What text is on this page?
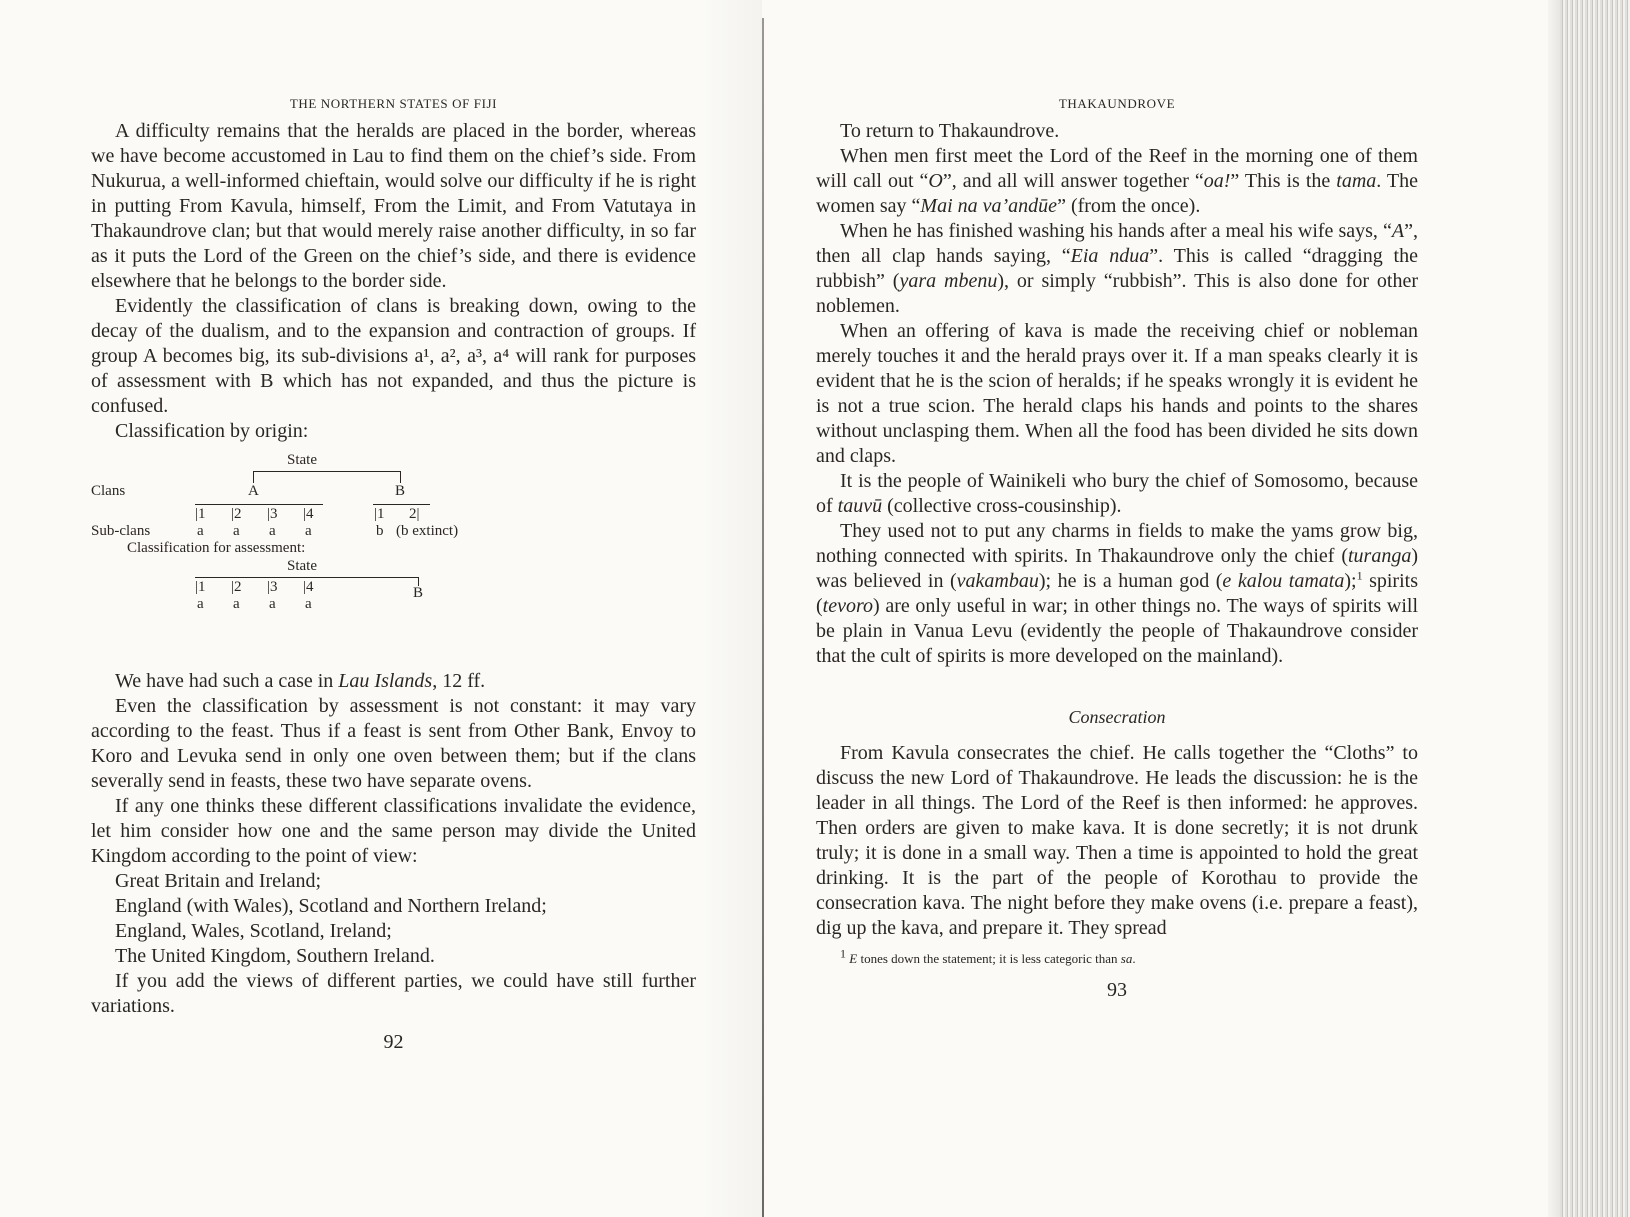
THE NORTHERN STATES OF FIJI

A difficulty remains that the heralds are placed in the border, whereas we have become accustomed in Lau to find them on the chief’s side. From Nukurua, a well-informed chieftain, would solve our difficulty if he is right in putting From Kavula, himself, From the Limit, and From Vatutaya in Thakaundrove clan; but that would merely raise another difficulty, in so far as it puts the Lord of the Green on the chief’s side, and there is evidence elsewhere that he belongs to the border side.

Evidently the classification of clans is breaking down, owing to the decay of the dualism, and to the expansion and contraction of groups. If group A becomes big, its sub-divisions a¹, a², a³, a⁴ will rank for purposes of assessment with B which has not expanded, and thus the picture is confused.

Classification by origin:

State
Clans	A	B
|1 |2 |3 |4	|1 2|
Sub-clans	a a a a	b (b extinct)
Classification for assessment:
State
|1 |2 |3 |4	B
a a a a

We have had such a case in Lau Islands, 12 ff.

Even the classification by assessment is not constant: it may vary according to the feast. Thus if a feast is sent from Other Bank, Envoy to Koro and Levuka send in only one oven between them; but if the clans severally send in feasts, these two have separate ovens.

If any one thinks these different classifications invalidate the evidence, let him consider how one and the same person may divide the United Kingdom according to the point of view:

Great Britain and Ireland;

England (with Wales), Scotland and Northern Ireland;

England, Wales, Scotland, Ireland;

The United Kingdom, Southern Ireland.

If you add the views of different parties, we could have still further variations.

92
THAKAUNDROVE

To return to Thakaundrove.

When men first meet the Lord of the Reef in the morning one of them will call out “O”, and all will answer together “oa!” This is the tama. The women say “Mai na va’andūe” (from the once).

When he has finished washing his hands after a meal his wife says, “A”, then all clap hands saying, “Eia ndua”. This is called “dragging the rubbish” (yara mbenu), or simply “rubbish”. This is also done for other noblemen.

When an offering of kava is made the receiving chief or nobleman merely touches it and the herald prays over it. If a man speaks clearly it is evident that he is the scion of heralds; if he speaks wrongly it is evident he is not a true scion. The herald claps his hands and points to the shares without unclasping them. When all the food has been divided he sits down and claps.

It is the people of Wainikeli who bury the chief of Somosomo, because of tauvū (collective cross-cousinship).

They used not to put any charms in fields to make the yams grow big, nothing connected with spirits. In Thakaundrove only the chief (turanga) was believed in (vakambau); he is a human god (e kalou tamata);$^1$ spirits (tevoro) are only useful in war; in other things no. The ways of spirits will be plain in Vanua Levu (evidently the people of Thakaundrove consider that the cult of spirits is more developed on the mainland).

Consecration

From Kavula consecrates the chief. He calls together the “Cloths” to discuss the new Lord of Thakaundrove. He leads the discussion: he is the leader in all things. The Lord of the Reef is then informed: he approves. Then orders are given to make kava. It is done secretly; it is not drunk truly; it is done in a small way. Then a time is appointed to hold the great drinking. It is the part of the people of Korothau to provide the consecration kava. The night before they make ovens (i.e. prepare a feast), dig up the kava, and prepare it. They spread

$^1$ E tones down the statement; it is less categoric than sa.
93
